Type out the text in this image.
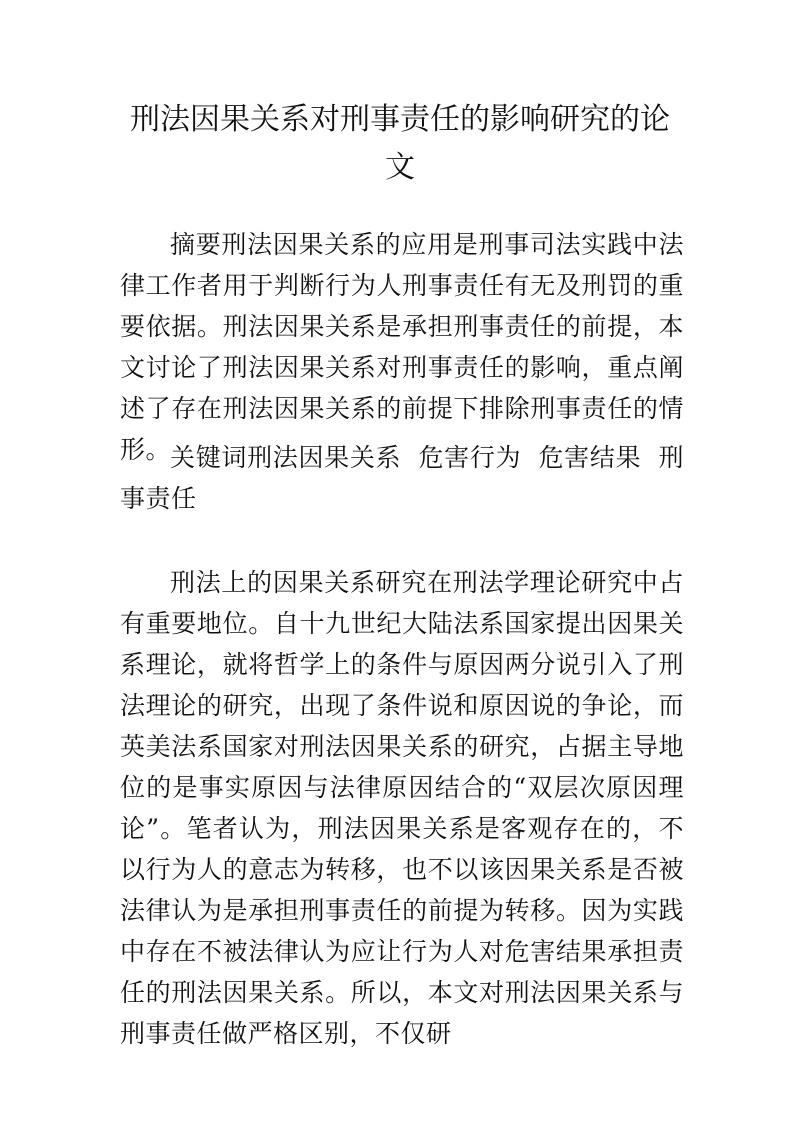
刑法因果关系对刑事责任的影响研究的论文

摘要刑法因果关系的应用是刑事司法实践中法律工作者用于判断行为人刑事责任有无及刑罚的重要依据。刑法因果关系是承担刑事责任的前提，本文讨论了刑法因果关系对刑事责任的影响，重点阐述了存在刑法因果关系的前提下排除刑事责任的情形。

关键词刑法因果关系  危害行为  危害结果  刑事责任

刑法上的因果关系研究在刑法学理论研究中占有重要地位。自十九世纪大陆法系国家提出因果关系理论，就将哲学上的条件与原因两分说引入了刑法理论的研究，出现了条件说和原因说的争论，而英美法系国家对刑法因果关系的研究，占据主导地位的是事实原因与法律原因结合的“双层次原因理论”。笔者认为，刑法因果关系是客观存在的，不以行为人的意志为转移，也不以该因果关系是否被法律认为是承担刑事责任的前提为转移。因为实践中存在不被法律认为应让行为人对危害结果承担责任的刑法因果关系。所以，本文对刑法因果关系与刑事责任做严格区别，不仅研
